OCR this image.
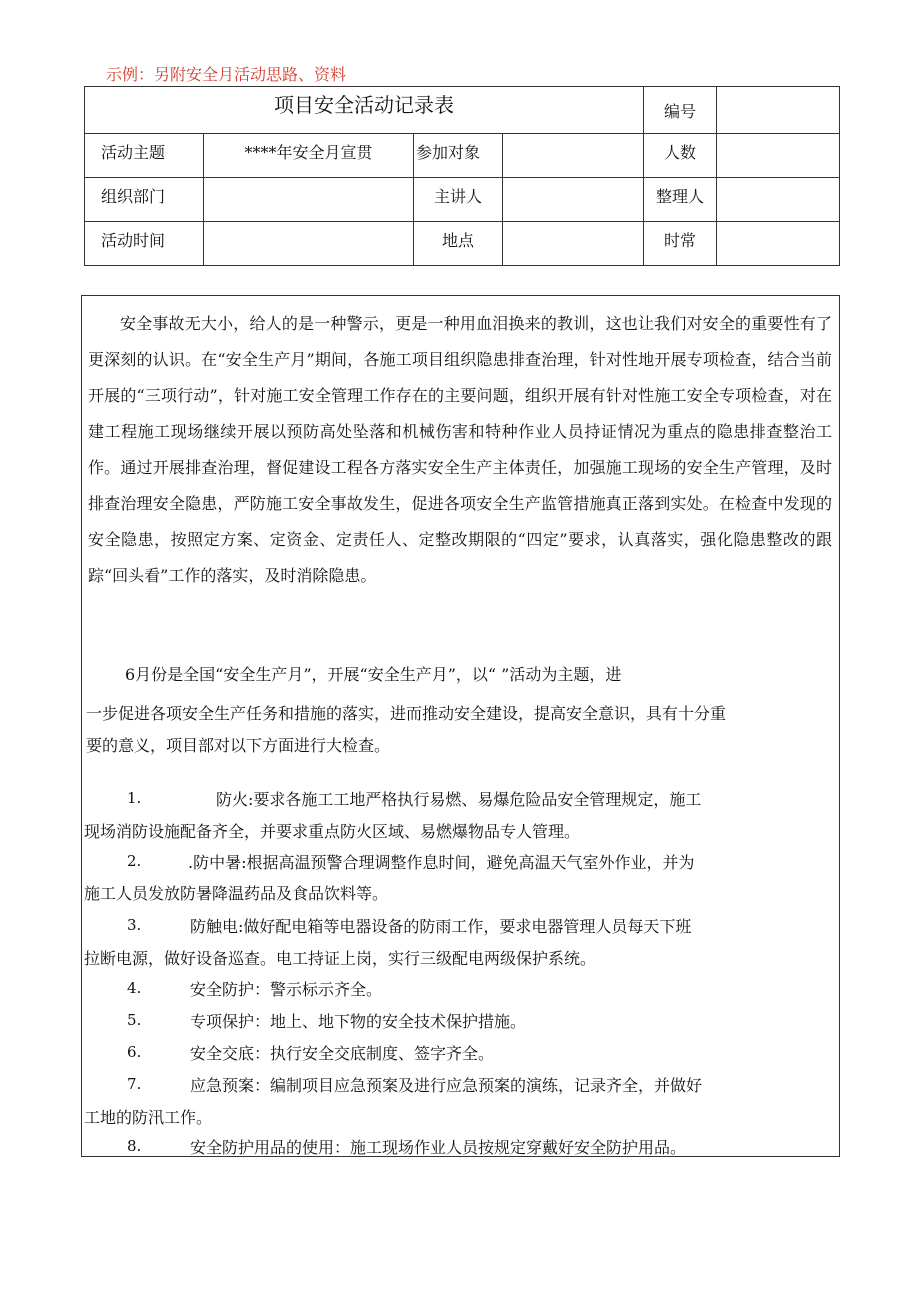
示例：另附安全月活动思路、资料
项目安全活动记录表				编号	

活动主题	****年安全月宣贯	参加对象		人数	

组织部门		主讲人		整理人	

活动时间		地点		时常	

安全事故无大小，给人的是一种警示，更是一种用血泪换来的教训，这也让我们对安全的重要性有了更深刻的认识。在“安全生产月”期间，各施工项目组织隐患排查治理，针对性地开展专项检查，结合当前开展的“三项行动”，针对施工安全管理工作存在的主要问题，组织开展有针对性施工安全专项检查，对在建工程施工现场继续开展以预防高处坠落和机械伤害和特种作业人员持证情况为重点的隐患排查整治工作。通过开展排查治理，督促建设工程各方落实安全生产主体责任，加强施工现场的安全生产管理，及时排查治理安全隐患，严防施工安全事故发生，促进各项安全生产监管措施真正落到实处。在检查中发现的安全隐患，按照定方案、定资金、定责任人、定整改期限的“四定”要求，认真落实，强化隐患整改的跟踪“回头看”工作的落实，及时消除隐患。

6月份是全国“安全生产月”，开展“安全生产月”，以“ ”活动为主题，进
一步促进各项安全生产任务和措施的落实，进而推动安全建设，提高安全意识，具有十分重
要的意义，项目部对以下方面进行大检查。
1.	防火:要求各施工工地严格执行易燃、易爆危险品安全管理规定，施工
现场消防设施配备齐全，并要求重点防火区域、易燃爆物品专人管理。
2.	.防中暑:根据高温预警合理调整作息时间，避免高温天气室外作业，并为
施工人员发放防暑降温药品及食品饮料等。
3.	防触电:做好配电箱等电器设备的防雨工作，要求电器管理人员每天下班
拉断电源，做好设备巡查。电工持证上岗，实行三级配电两级保护系统。
4.	安全防护：警示标示齐全。
5.	专项保护：地上、地下物的安全技术保护措施。
6.	安全交底：执行安全交底制度、签字齐全。
7.	应急预案：编制项目应急预案及进行应急预案的演练，记录齐全，并做好
工地的防汛工作。
8.	安全防护用品的使用：施工现场作业人员按规定穿戴好安全防护用品。
